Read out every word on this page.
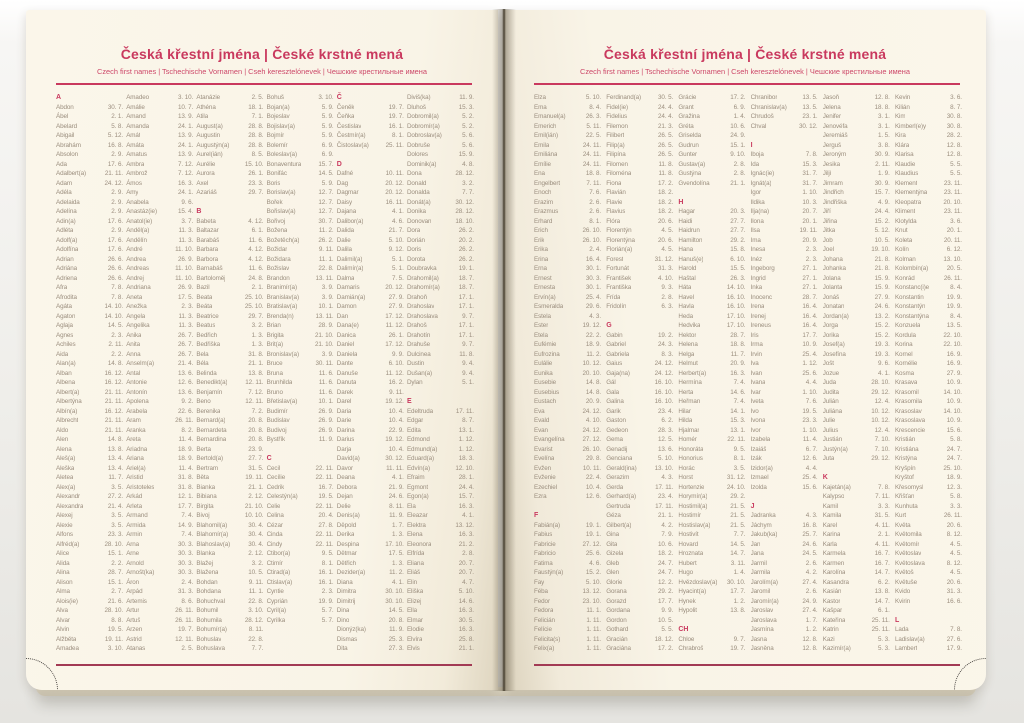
Česká křestní jména | České krstné mená
Czech first names | Tschechische Vornamen | Cseh keresztelónevek | Чешские крестильные имена
A
Abdon	30. 7.
Ábel	2. 1.
Abelard	5. 8.
Abigail	5. 12.
Abrahám	16. 8.
Absolon	2. 9.
Ada	17. 6.
Adalbert(a)	21. 11.
Adam	24. 12.
Adéla	2. 9.
Adelaida	2. 9.
Adelína	2. 9.
Adin(a)	17. 6.
Adléta	2. 9.
Adolf(a)	17. 6.
Adolfína	17. 6.
Adrian	26. 6.
Adriána	26. 6.
Adriena	26. 6.
Afra	7. 8.
Afrodita	7. 8.
Agáta	14. 10.
Agaton	14. 10.
Aglaja	14. 5.
Agnes	2. 3.
Achiles	2. 11.
Aida	2. 2.
Alan(a)	14. 8.
Alban	16. 12.
Albena	16. 12.
Albert(a)	21. 11.
Albertýna	21. 11.
Albín(a)	16. 12.
Albrecht	21. 11.
Aldo	21. 11.
Alen	14. 8.
Alena	13. 8.
Aleš(a)	13. 4.
Aleška	13. 4.
Aletea	11. 7.
Alex(a)	3. 5.
Alexandr	27. 2.
Alexandra	21. 4.
Alexej	3. 5.
Alexie	3. 5.
Alfons	23. 3.
Alfréd(a)	28. 10.
Alice	15. 1.
Alida	2. 2.
Alina	28. 7.
Alison	15. 1.
Alma	2. 7.
Alois(ie)	21. 6.
Alva	28. 10.
Alvar	8. 8.
Alvin	19. 5.
Alžběta	19. 11.
Amadea	3. 10.
Amadeo	3. 10.
Amálie	10. 7.
Amand	13. 9.
Amanda	24. 1.
Amát	13. 9.
Amáta	24. 1.
Amatus	13. 9.
Ambra	7. 12.
Ambrož	7. 12.
Ámos	16. 3.
Amy	24. 1.
Anabela	9. 6.
Anastáz(ie)	15. 4.
Anatol(ie)	3. 7.
Anděl(a)	11. 3.
Andělín	11. 3.
André	11. 10.
Andrea	26. 9.
Andreas	11. 10.
Andrej	11. 10.
Andriana	26. 9.
Aneta	17. 5.
Anežka	2. 3.
Angela	11. 3.
Angelika	11. 3.
Anika	26. 7.
Anita	26. 7.
Anna	26. 7.
Anselm(a)	21. 4.
Antal	13. 6.
Antonie	12. 6.
Antonín	13. 6.
Apolena	9. 2.
Arabela	22. 6.
Aram	26. 11.
Aranka	8. 2.
Areta	11. 4.
Ariadna	18. 9.
Ariana	18. 9.
Ariel(a)	11. 4.
Aristid	31. 8.
Aristoteles	31. 8.
Arkád	12. 1.
Arleta	17. 7.
Armand	7. 4.
Armida	14. 9.
Armin	7. 4.
Arna	30. 3.
Arne	30. 3.
Arnold	30. 3.
Arnošt(ka)	30. 3.
Áron	2. 4.
Arpád	31. 3.
Artemis	8. 6.
Artur	26. 11.
Artuš	26. 11.
Arzen	19. 7.
Astrid	12. 11.
Atanas	2. 5.
Atanázie	2. 5.
Athéna	18. 1.
Atila	7. 1.
August(a)	28. 8.
Augustin	28. 8.
Augustýn(a)	28. 8.
Aurel(ián)	8. 5.
Aurélie	15. 10.
Aurora	26. 1.
Axel	23. 3.
Azariáš	29. 7.

B
Babeta	4. 12.
Baltazar	6. 1.
Barabáš	11. 6.
Barbara	4. 12.
Barbora	4. 12.
Barnabáš	11. 6.
Bartoloměj	24. 8.
Bazil	2. 1.
Beata	25. 10.
Beáta	25. 10.
Beatrice	29. 7.
Beatus	3. 2.
Bedřich	1. 3.
Bedřiška	1. 3.
Bela	31. 8.
Béla	21. 1.
Belinda	13. 8.
Benedikt(a)	12. 11.
Benjamín	7. 12.
Beno	12. 11.
Berenika	7. 2.
Bernard(a)	20. 8.
Bernardeta	20. 8.
Bernardina	20. 8.
Berta	23. 9.
Bertold(a)	27. 7.
Bertram	31. 5.
Běta	19. 11.
Bianka	21. 1.
Bibiana	2. 12.
Birgita	21. 10.
Bivoj	10. 10.
Blahomil(a)	30. 4.
Blahomír(a)	30. 4.
Blahoslav(a)	30. 4.
Blanka	2. 12.
Blažej	3. 2.
Blažena	10. 5.
Bohdan	9. 11.
Bohdana	11. 1.
Bohuchval	22. 8.
Bohumil	3. 10.
Bohumila	28. 12.
Bohumír(a)	8. 11.
Bohuslav	22. 8.
Bohuslava	7. 7.
Bohuš	3. 10.
Bojan(a)	5. 9.
Bojeslav	5. 9.
Bojislav(a)	5. 9.
Bojmír	5. 9.
Bolemír	6. 9.
Boleslav(a)	6. 9.
Bonaventura	15. 7.
Bonifác	14. 5.
Boris	5. 9.
Borislav(a)	12. 7.
Bořek	12. 7.
Bořislav(a)	12. 7.
Bořivoj	30. 7.
Božena	11. 2.
Božetěch(a)	26. 2.
Božidar	9. 11.
Božidara	11. 1.
Božislav	22. 8.
Brandon	13. 11.
Branimír(a)	3. 9.
Branislav(a)	3. 9.
Bratislav(a)	10. 1.
Brenda(n)	13. 11.
Brian	28. 9.
Brigita	21. 10.
Brit(a)	21. 10.
Bronislav(a)	3. 9.
Bruce	30. 11.
Bruna	11. 6.
Brunhilda	11. 6.
Bruno	11. 6.
Břetislav(a)	10. 1.
Budimír	26. 9.
Budislav	26. 9.
Budivoj	26. 9.
Bystřík	11. 9.

C
Cecil	22. 11.
Cecílie	22. 11.
Cedrik	16. 7.
Celestýn(a)	19. 5.
Celie	22. 11.
Celina	20. 4.
Cézar	27. 8.
Cinda	22. 11.
Cindy	22. 11.
Ctibor(a)	9. 5.
Ctimír	8. 1.
Ctirad(a)	16. 1.
Ctislav(a)	16. 1.
Cyntie	2. 3.
Cyprián	19. 9.
Cyril(a)	5. 7.
Cyrilka	5. 7.
Č
Čeněk	19. 7.
Čeňka	19. 7.
Čestislav	16. 1.
Čestmír(a)	8. 1.
Čistoslav(a)	25. 11.

D
Dafné	10. 11.
Dag	20. 12.
Dagmar	20. 12.
Daisy	16. 11.
Dajana	4. 1.
Dalibor(a)	4. 6.
Dalida	21. 7.
Dalie	5. 10.
Dalila	9. 12.
Dalimil(a)	5. 1.
Dalimír(a)	5. 1.
Dalma	7. 5.
Damaris	20. 12.
Damián(a)	27. 9.
Damon	27. 9.
Dan	17. 12.
Dana(e)	11. 12.
Danica	26. 1.
Daniel	17. 12.
Daniela	9. 9.
Dante	6. 10.
Danuše	11. 12.
Danuta	16. 2.
Darek	9. 11.
Darel	19. 12.
Daria	10. 4.
Darie	10. 4.
Darina	22. 9.
Darius	19. 12.
Darja	10. 4.
David(a)	30. 12.
Davor	11. 11.
Deana	4. 1.
Debora	21. 9.
Dejan	24. 6.
Delie	8. 11.
Denis(a)	11. 9.
Děpold	1. 7.
Derika	1. 3.
Despina	17. 10.
Dětmar	17. 5.
Dětřich	1. 3.
Dezider(a)	11. 2.
Diana	4. 1.
Dimitra	30. 10.
Dimitrij	30. 10.
Dina	14. 5.
Dino	20. 8.
Dionýz(ka)	11. 9.
Dismas	25. 3.
Dita	27. 3.
Diviš(ka)	11. 9.
Dluhoš	15. 3.
Dobromil(a)	5. 2.
Dobromír(a)	5. 2.
Dobroslav(a)	5. 6.
Dobruše	5. 6.
Dolores	15. 9.
Dominik(a)	4. 8.
Dona	28. 12.
Donald	3. 2.
Donalda	7. 7.
Donát(a)	30. 12.
Donika	28. 12.
Donovan	18. 10.
Dora	26. 2.
Dorián	20. 2.
Doris	26. 2.
Dorota	26. 2.
Doubravka	19. 1.
Drahomil(a)	18. 7.
Drahomír(a)	18. 7.
Drahoň	17. 1.
Drahoslav	17. 1.
Drahoslava	9. 7.
Drahoš	17. 1.
Drahotín	17. 1.
Drahuše	9. 7.
Dulcinea	11. 8.
Dustin	9. 4.
Dušan(a)	9. 4.
Dylan	5. 1.

E
Edeltruda	17. 11.
Edgar	8. 7.
Edita	13. 1.
Edmond	1. 12.
Edmund(a)	1. 12.
Eduard(a)	18. 3.
Edvín(a)	12. 10.
Efraim	28. 1.
Egmont	24. 4.
Egon(a)	15. 7.
Ela	16. 3.
Eleazar	4. 1.
Elektra	13. 12.
Elena	16. 3.
Eleonora	21. 2.
Elfrída	2. 8.
Eliana	20. 7.
Eliáš	20. 7.
Elin	4. 7.
Eliška	5. 10.
Elizej	14. 6.
Ella	16. 3.
Elmar	30. 5.
Elodie	16. 3.
Elvíra	25. 8.
Elvis	21. 1.
Česká křestní jména | České krstné mená
Czech first names | Tschechische Vornamen | Cseh keresztelónevek | Чешские крестильные имена
Elza	5. 10.
Ema	8. 4.
Emanuel(a)	26. 3.
Emerich	5. 11.
Emil(ián)	22. 5.
Emila	24. 11.
Emiliána	24. 11.
Emílie	24. 11.
Ena	18. 8.
Engelbert	7. 11.
Enoch	7. 6.
Erazim	2. 6.
Erazmus	2. 6.
Erhard	8. 1.
Erich	26. 10.
Erik	26. 10.
Erika	2. 4.
Erina	16. 4.
Erna	30. 1.
Ernest	30. 3.
Ernesta	30. 1.
Ervín(a)	25. 4.
Esmeralda	29. 6.
Estela	4. 3.
Ester	19. 12.
Etela	22. 2.
Eufémie	18. 9.
Eufrozina	11. 2.
Eulálie	10. 12.
Eunika	20. 10.
Eusebie	14. 8.
Eusebius	14. 8.
Eustach	20. 9.
Eva	24. 12.
Evald	4. 10.
Evan	24. 12.
Evangelína	27. 12.
Evarist	26. 10.
Evelína	29. 8.
Evžen	10. 11.
Evženie	22. 4.
Ezechiel	10. 4.
Ezra	12. 6.

F
Fabián(a)	19. 1.
Fabius	19. 1.
Fabricie	27. 12.
Fabricio	25. 6.
Fatima	4. 6.
Faustýn(a)	15. 2.
Fay	5. 10.
Féba	13. 12.
Fedor	23. 10.
Fedora	11. 1.
Felicián	1. 11.
Felície	1. 11.
Felicita(s)	1. 11.
Felix(a)	1. 11.
Ferdinand(a)	30. 5.
Fidel(ie)	24. 4.
Fidelius	24. 4.
Filemon	21. 3.
Filibert	26. 5.
Filip(a)	26. 5.
Filipína	26. 5.
Filomen	11. 8.
Filoména	11. 8.
Fiona	17. 2.
Flavián	18. 2.
Flavie	18. 2.
Flavius	18. 2.
Flóra	20. 6.
Florentýn	4. 5.
Florentýna	20. 6.
Florián(a)	4. 5.
Forest	31. 12.
Fortunát	31. 3.
František	4. 10.
Františka	9. 3.
Frída	2. 8.
Fridolín	6. 3.

G
Gabin	19. 2.
Gabriel	24. 3.
Gabriela	8. 3.
Gaius	24. 12.
Gaja(na)	24. 12.
Gál	16. 10.
Gala	16. 10.
Galina	16. 10.
Garik	23. 4.
Gaston	6. 2.
Gedeon	28. 3.
Gema	12. 5.
Genadij	13. 6.
Genciana	5. 10.
Gerald(ina)	13. 10.
Gerazim	4. 3.
Gerda	17. 11.
Gerhard(a)	23. 4.
Gertruda	17. 11.
Géza	21. 1.
Gilbert(a)	4. 2.
Gina	7. 9.
Gita	10. 6.
Gizela	18. 2.
Gleb	24. 7.
Glen	24. 7.
Glorie	12. 2.
Gorana	29. 2.
Gorazd	17. 7.
Gordana	9. 9.
Gordon	10. 5.
Gothard	5. 5.
Gracián	18. 12.
Graciána	17. 2.
Grácie	17. 2.
Grant	6. 9.
Gražina	1. 4.
Gréta	10. 6.
Griselda	24. 9.
Gudrun	15. 1.
Gunter	9. 10.
Gustav(a)	2. 8.
Gustýna	2. 8.
Gvendolína	21. 1.

H
Hagar	20. 3.
Haidi	27. 7.
Haidrun	27. 7.
Hamilton	29. 2.
Hana	15. 8.
Hanuš(e)	6. 10.
Harold	15. 5.
Haštal	26. 3.
Háta	14. 10.
Havel	16. 10.
Havla	16. 10.
Heda	17. 10.
Hedvika	17. 10.
Hektor	28. 7.
Helena	18. 8.
Helga	11. 7.
Helmut	20. 9.
Herbert(a)	16. 3.
Hermína	7. 4.
Herta	14. 6.
Heřman	7. 4.
Hilar	14. 1.
Hilda	15. 3.
Hjalmar	13. 1.
Homér	22. 11.
Honoráta	9. 5.
Honorius	8. 1.
Horác	3. 5.
Horst	31. 12.
Hortenzie	24. 10.
Horymír(a)	29. 2.
Hostimil(a)	21. 5.
Hostimír	21. 5.
Hostislav(a)	21. 5.
Hostivít	7. 7.
Hovard	14. 5.
Hroznata	14. 7.
Hubert	3. 11.
Hugo	1. 4.
Hvězdoslav(a) 30. 10.
Hyacint(a)	17. 7.
Hynek	1. 2.
Hypolit	13. 8.

CH
Chloe	9. 7.
Chrabroš	19. 7.
Chranibor	13. 5.
Chranislav(a) 13. 5.
Chrudoš	23. 1.
Chval	30. 12.

I
Iboja	7. 8.
Ida	15. 3.
Ignác(ie)	31. 7.
Ignát(a)	31. 7.
Igor	1. 10.
Ildika	10. 3.
Ilja(na)	20. 7.
Ilona	20. 1.
Ilsa	19. 11.
Ima	20. 9.
Inesa	2. 3.
Inéz	2. 3.
Ingeborg	27. 1.
Ingrid	27. 1.
Inka	27. 1.
Inocenc	28. 7.
Irena	16. 4.
Irenej	16. 4.
Ireneus	16. 4.
Iris	17. 7.
Irma	10. 9.
Irvin	25. 4.
Iva	1. 12.
Ivan	25. 6.
Ivana	4. 4.
Ivar	1. 10.
Iveta	7. 6.
Ivo	19. 5.
Ivona	23. 3.
Ivor	1. 10.
Izabela	11. 4.
Izaiáš	6. 7.
Izák	12. 6.
Izidor(a)	4. 4.
Izmael	25. 4.
Izolda	15. 6.

J
Jadranka	4. 3.
Jáchym	16. 8.
Jakub(ka)	25. 7.
Jan	24. 6.
Jana	24. 5.
Jarmil	2. 6.
Jarmila	4. 2.
Jarolím(a)	27. 4.
Jaromil	2. 6.
Jaromír(a)	24. 9.
Jaroslav	27. 4.
Jaroslava	1. 7.
Jasmína	1. 2.
Jasna	12. 8.
Jasněna	12. 8.
Jasoň	12. 8.
Jelena	18. 8.
Jenifer	3. 1.
Jenovéfa	3. 1.
Jeremiáš	1. 5.
Jerguš	3. 8.
Jeroným	30. 9.
Jesika	2. 11.
Jiljí	1. 9.
Jimram	30. 9.
Jindřich	15. 7.
Jindřiška	4. 9.
Jiří	24. 4.
Jiřina	15. 2.
Jitka	5. 12.
Job	10. 5.
Joel	19. 10.
Johana	21. 8.
Johanka	21. 8.
Jolana	15. 9.
Jolanta	15. 9.
Jonáš	27. 9.
Jonatan	24. 6.
Jordan(a)	13. 2.
Jorga	15. 2.
Jorika	15. 2.
Josef(a)	19. 3.
Josefína	19. 3.
Jošt	9. 6.
Jozue	4. 1.
Juda	28. 10.
Judita	29. 12.
Julián	12. 4.
Juliána	10. 12.
Julie	10. 12.
Julius	12. 4.
Justián	7. 10.
Justýn(a)	7. 10.
Juta	29. 12.

K
Kajetán(a)	7. 8.
Kalypso	7. 11.
Kamil	3. 3.
Kamila	31. 5.
Karel	4. 11.
Karina	2. 1.
Karla	4. 11.
Karmela	16. 7.
Karmen	16. 7.
Karolína	14. 7.
Kasandra	6. 2.
Kasián	13. 8.
Kastor	14. 7.
Kašpar	6. 1.
Kateřina	25. 11.
Katrin	25. 11.
Kazi	5. 3.
Kazimír(a)	5. 3.
Kevin	3. 6.
Kilián	8. 7.
Kim	30. 8.
Kimberl(e)y	30. 8.
Kira	28. 2.
Klára	12. 8.
Klarisa	12. 8.
Klaudie	5. 5.
Klaudius	5. 5.
Klement	23. 11.
Klementýna	23. 11.
Kleopatra	20. 10.
Kliment	23. 11.
Klotylda	3. 6.
Knut	20. 1.
Koleta	20. 11.
Kolín	6. 12.
Kolman	13. 10.
Kolombín(a)	20. 5.
Konrád	26. 11.
Konstanc(i)e	8. 4.
Konstantin	19. 9.
Konstantýn	19. 9.
Konstantýna	8. 4.
Konzuela	13. 5.
Kordula	22. 10.
Korina	22. 10.
Kornel	16. 9.
Kornélie	16. 9.
Kosma	27. 9.
Krasava	10. 9.
Krasomil	14. 10.
Krasomila	10. 9.
Krasoslav	14. 10.
Krasoslava	10. 9.
Krescencie	15. 6.
Kristián	5. 8.
Kristiána	24. 7.
Kristýna	24. 7.
Kryšpín	25. 10.
Kryštof	18. 9.
Křesomysl	12. 3.
Křišťan	5. 8.
Kunhuta	3. 3.
Kurt	26. 11.
Květa	20. 6.
Květomila	8. 12.
Květomír	4. 5.
Květoslav	4. 5.
Květoslava	8. 12.
Květoš	4. 5.
Květuše	20. 6.
Kvido	31. 3.
Kvirin	16. 6.

L
Lada	7. 8.
Ladislav(a)	27. 6.
Lambert	17. 9.
